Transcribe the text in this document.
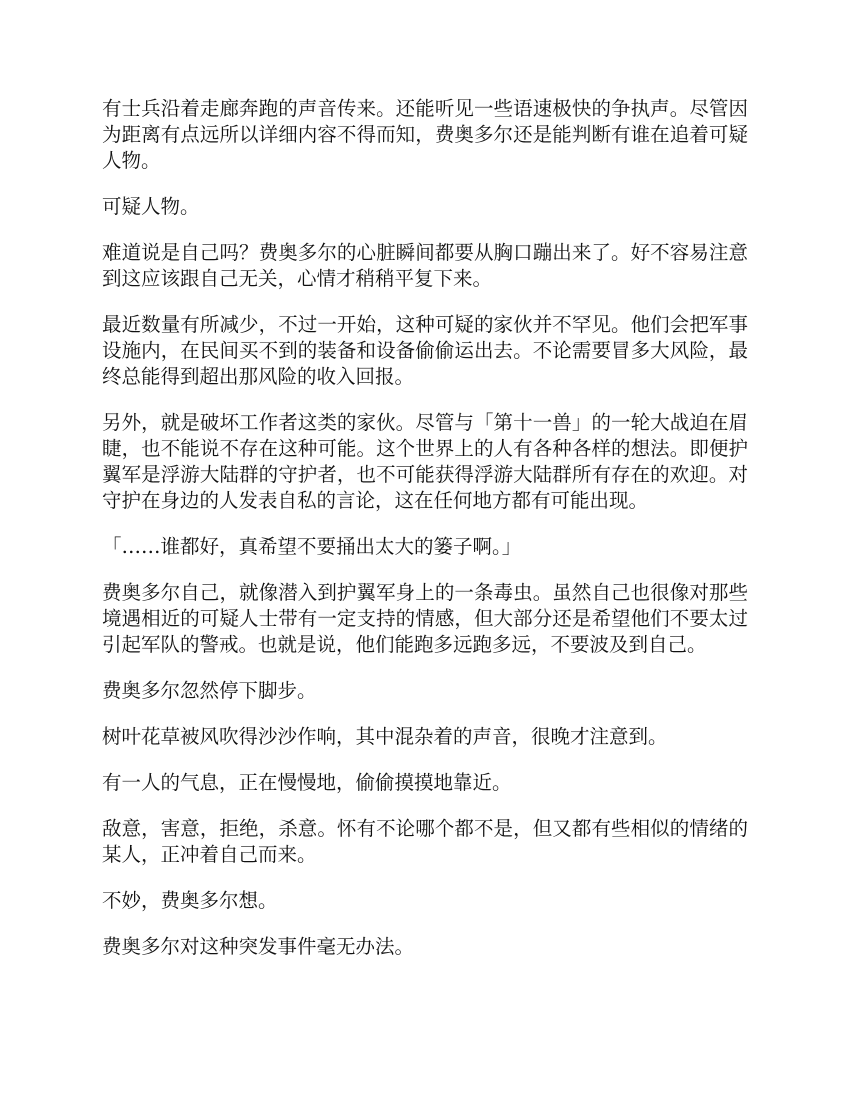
有士兵沿着走廊奔跑的声音传来。还能听见一些语速极快的争执声。尽管因为距离有点远所以详细内容不得而知，费奥多尔还是能判断有谁在追着可疑人物。

可疑人物。

难道说是自己吗？费奥多尔的心脏瞬间都要从胸口蹦出来了。好不容易注意到这应该跟自己无关，心情才稍稍平复下来。

最近数量有所减少，不过一开始，这种可疑的家伙并不罕见。他们会把军事设施内，在民间买不到的装备和设备偷偷运出去。不论需要冒多大风险，最终总能得到超出那风险的收入回报。

另外，就是破坏工作者这类的家伙。尽管与「第十一兽」的一轮大战迫在眉睫，也不能说不存在这种可能。这个世界上的人有各种各样的想法。即便护翼军是浮游大陆群的守护者，也不可能获得浮游大陆群所有存在的欢迎。对守护在身边的人发表自私的言论，这在任何地方都有可能出现。

「……谁都好，真希望不要捅出太大的篓子啊。」

费奥多尔自己，就像潜入到护翼军身上的一条毒虫。虽然自己也很像对那些境遇相近的可疑人士带有一定支持的情感，但大部分还是希望他们不要太过引起军队的警戒。也就是说，他们能跑多远跑多远，不要波及到自己。

费奥多尔忽然停下脚步。

树叶花草被风吹得沙沙作响，其中混杂着的声音，很晚才注意到。

有一人的气息，正在慢慢地，偷偷摸摸地靠近。

敌意，害意，拒绝，杀意。怀有不论哪个都不是，但又都有些相似的情绪的某人，正冲着自己而来。

不妙，费奥多尔想。

费奥多尔对这种突发事件毫无办法。
